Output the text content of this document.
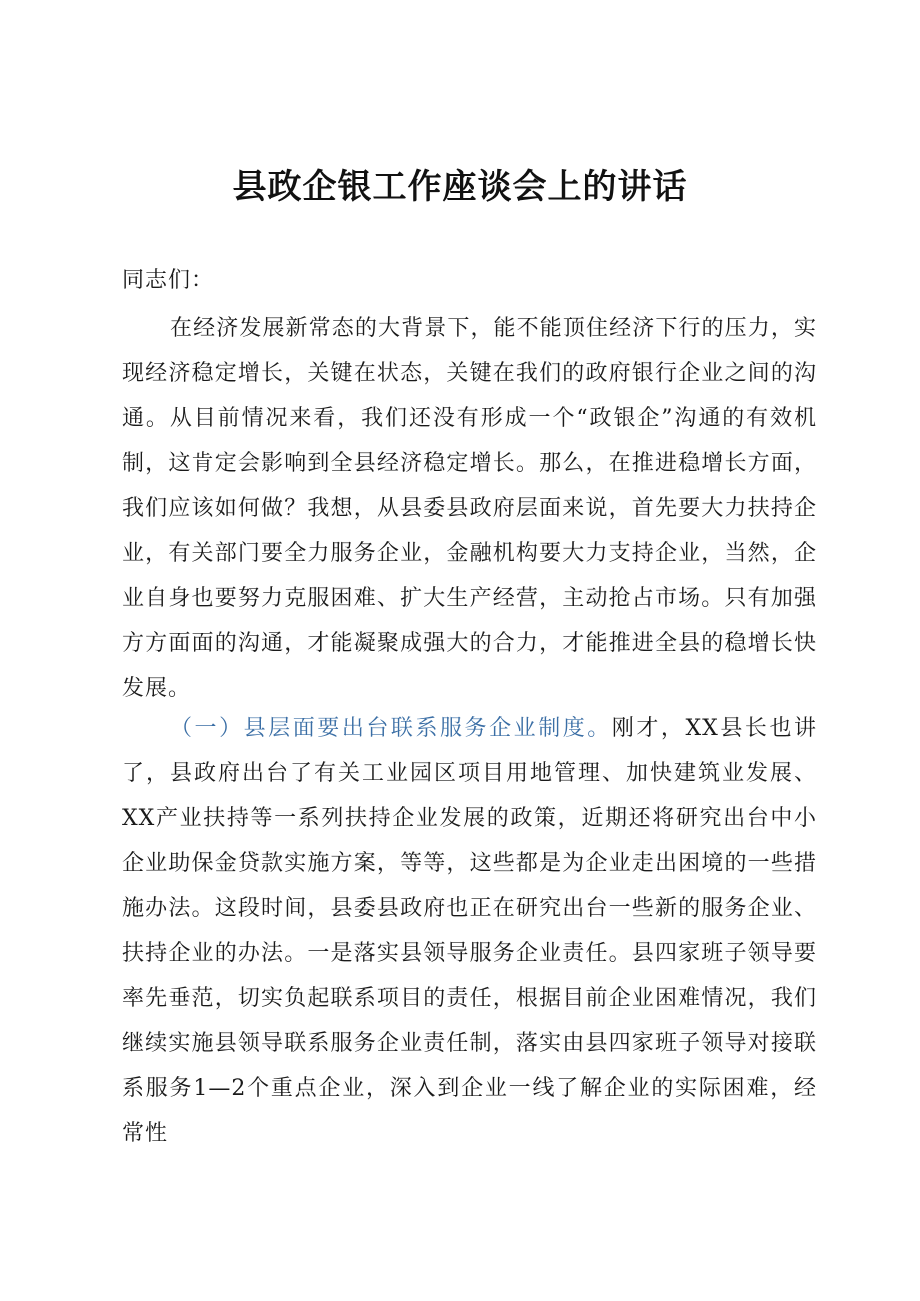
县政企银工作座谈会上的讲话

同志们：

在经济发展新常态的大背景下，能不能顶住经济下行的压力，实现经济稳定增长，关键在状态，关键在我们的政府银行企业之间的沟通。从目前情况来看，我们还没有形成一个“政银企”沟通的有效机制，这肯定会影响到全县经济稳定增长。那么，在推进稳增长方面，我们应该如何做？我想，从县委县政府层面来说，首先要大力扶持企业，有关部门要全力服务企业，金融机构要大力支持企业，当然，企业自身也要努力克服困难、扩大生产经营，主动抢占市场。只有加强方方面面的沟通，才能凝聚成强大的合力，才能推进全县的稳增长快发展。

（一）县层面要出台联系服务企业制度。刚才，XX县长也讲了，县政府出台了有关工业园区项目用地管理、加快建筑业发展、XX产业扶持等一系列扶持企业发展的政策，近期还将研究出台中小企业助保金贷款实施方案，等等，这些都是为企业走出困境的一些措施办法。这段时间，县委县政府也正在研究出台一些新的服务企业、扶持企业的办法。一是落实县领导服务企业责任。县四家班子领导要率先垂范，切实负起联系项目的责任，根据目前企业困难情况，我们继续实施县领导联系服务企业责任制，落实由县四家班子领导对接联系服务1—2个重点企业，深入到企业一线了解企业的实际困难，经常性
